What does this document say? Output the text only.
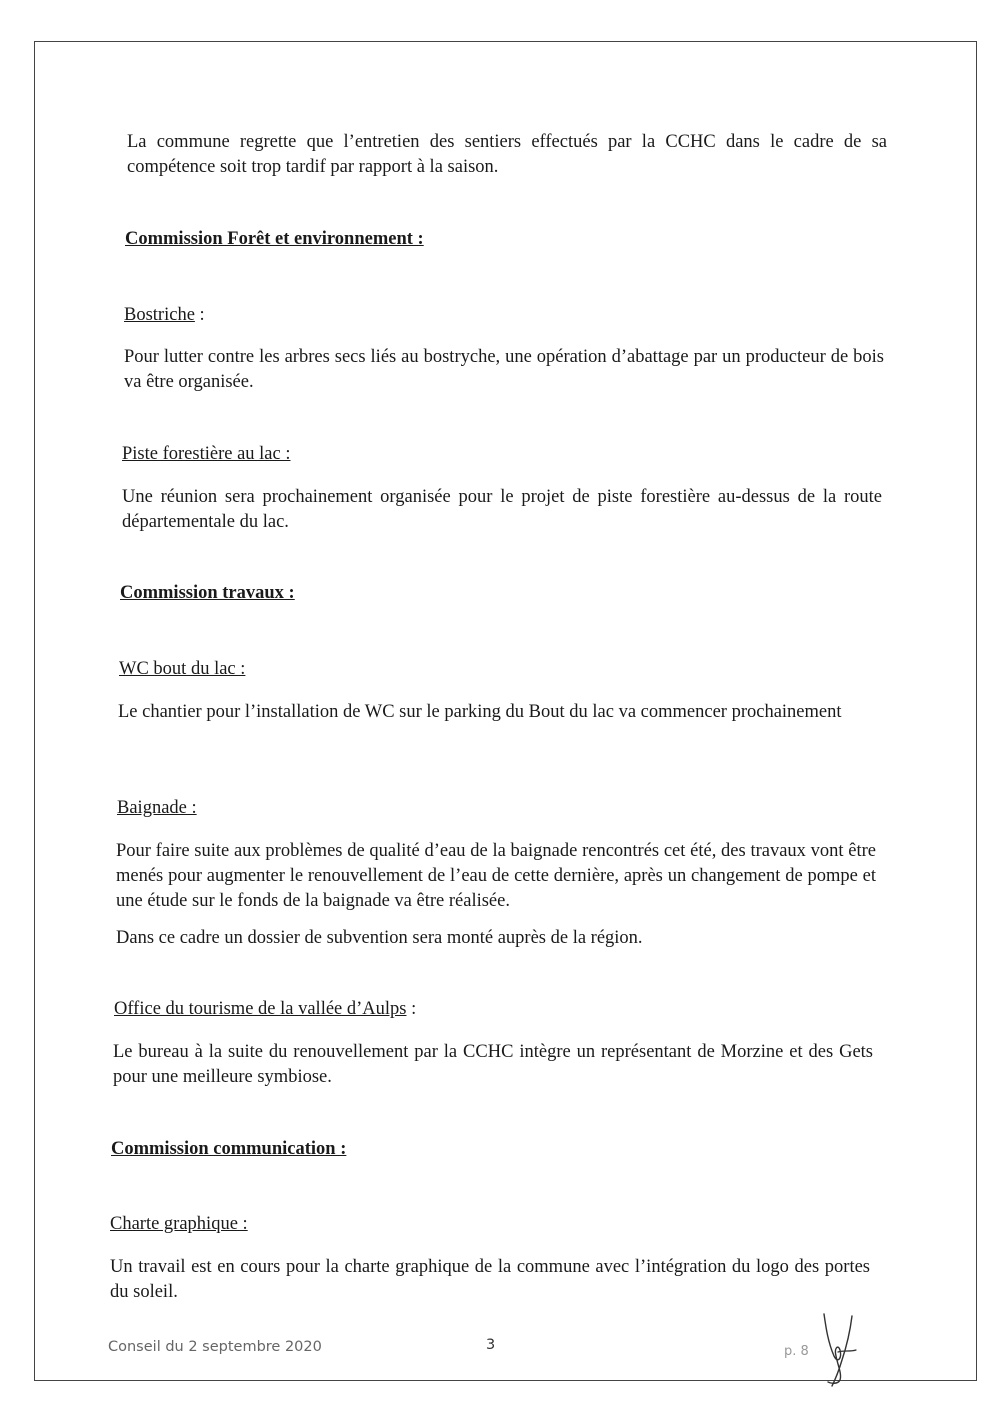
La commune regrette que l’entretien des sentiers effectués par la CCHC dans le cadre de sa compétence soit trop tardif par rapport à la saison.

Commission Forêt et environnement :

Bostriche :

Pour lutter contre les arbres secs liés au bostryche, une opération d’abattage par un producteur de bois va être organisée.

Piste forestière au lac :

Une réunion sera prochainement organisée pour le projet de piste forestière au-dessus de la route départementale du lac.

Commission travaux :

WC bout du lac :

Le chantier pour l’installation de WC sur le parking du Bout du lac va commencer prochainement

Baignade :

Pour faire suite aux problèmes de qualité d’eau de la baignade rencontrés cet été, des travaux vont être menés pour augmenter le renouvellement de l’eau de cette dernière, après un changement de pompe et une étude sur le fonds de la baignade va être réalisée.

Dans ce cadre un dossier de subvention sera monté auprès de la région.

Office du tourisme de la vallée d’Aulps :

Le bureau à la suite du renouvellement par la CCHC intègre un représentant de Morzine et des Gets pour une meilleure symbiose.

Commission communication :

Charte graphique :

Un travail est en cours pour la charte graphique de la commune avec l’intégration du logo des portes du soleil.

Conseil du 2 septembre 2020	3	p. 8
